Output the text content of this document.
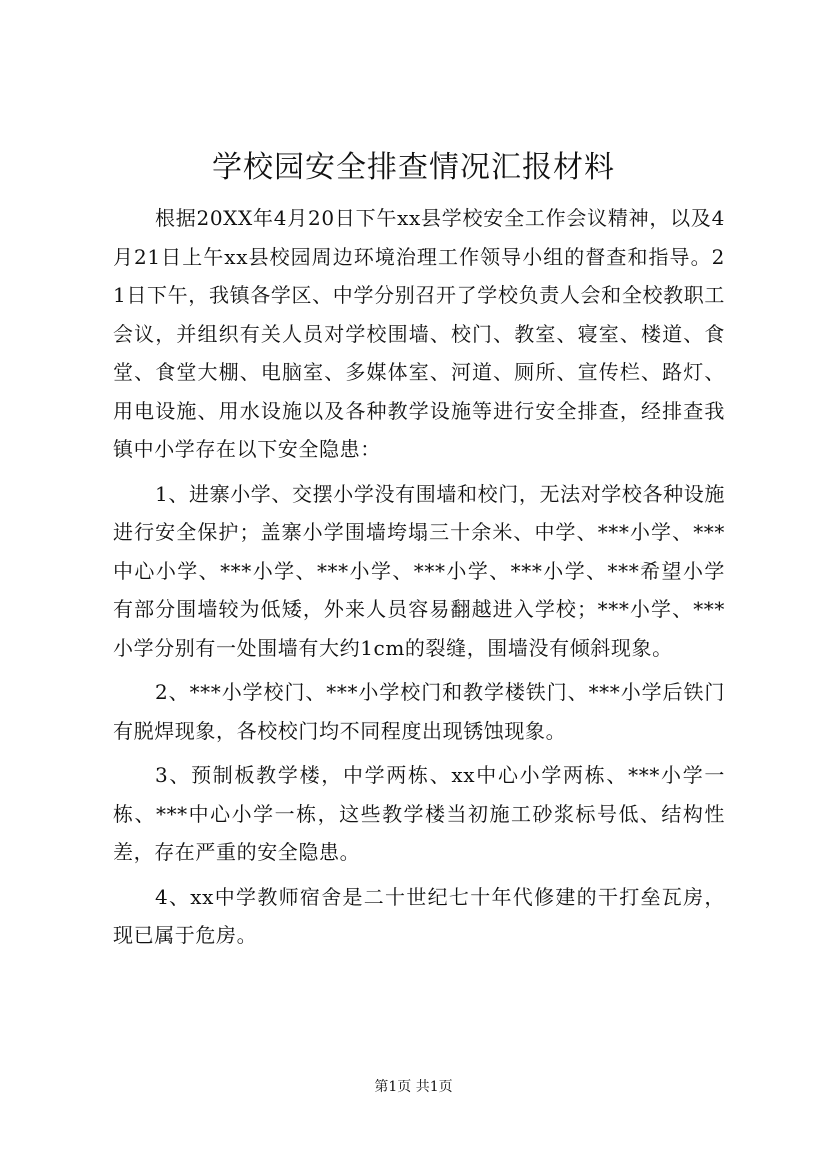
学校园安全排查情况汇报材料

根据20XX年4月20日下午xx县学校安全工作会议精神，以及4月21日上午xx县校园周边环境治理工作领导小组的督查和指导。21日下午，我镇各学区、中学分别召开了学校负责人会和全校教职工会议，并组织有关人员对学校围墙、校门、教室、寝室、楼道、食堂、食堂大棚、电脑室、多媒体室、河道、厕所、宣传栏、路灯、用电设施、用水设施以及各种教学设施等进行安全排查，经排查我镇中小学存在以下安全隐患：

1、进寨小学、交摆小学没有围墙和校门，无法对学校各种设施进行安全保护；盖寨小学围墙垮塌三十余米、中学、***小学、***中心小学、***小学、***小学、***小学、***小学、***希望小学有部分围墙较为低矮，外来人员容易翻越进入学校；***小学、***小学分别有一处围墙有大约1cm的裂缝，围墙没有倾斜现象。

2、***小学校门、***小学校门和教学楼铁门、***小学后铁门有脱焊现象，各校校门均不同程度出现锈蚀现象。

3、预制板教学楼，中学两栋、xx中心小学两栋、***小学一栋、***中心小学一栋，这些教学楼当初施工砂浆标号低、结构性差，存在严重的安全隐患。

4、xx中学教师宿舍是二十世纪七十年代修建的干打垒瓦房，现已属于危房。

第1页 共1页
